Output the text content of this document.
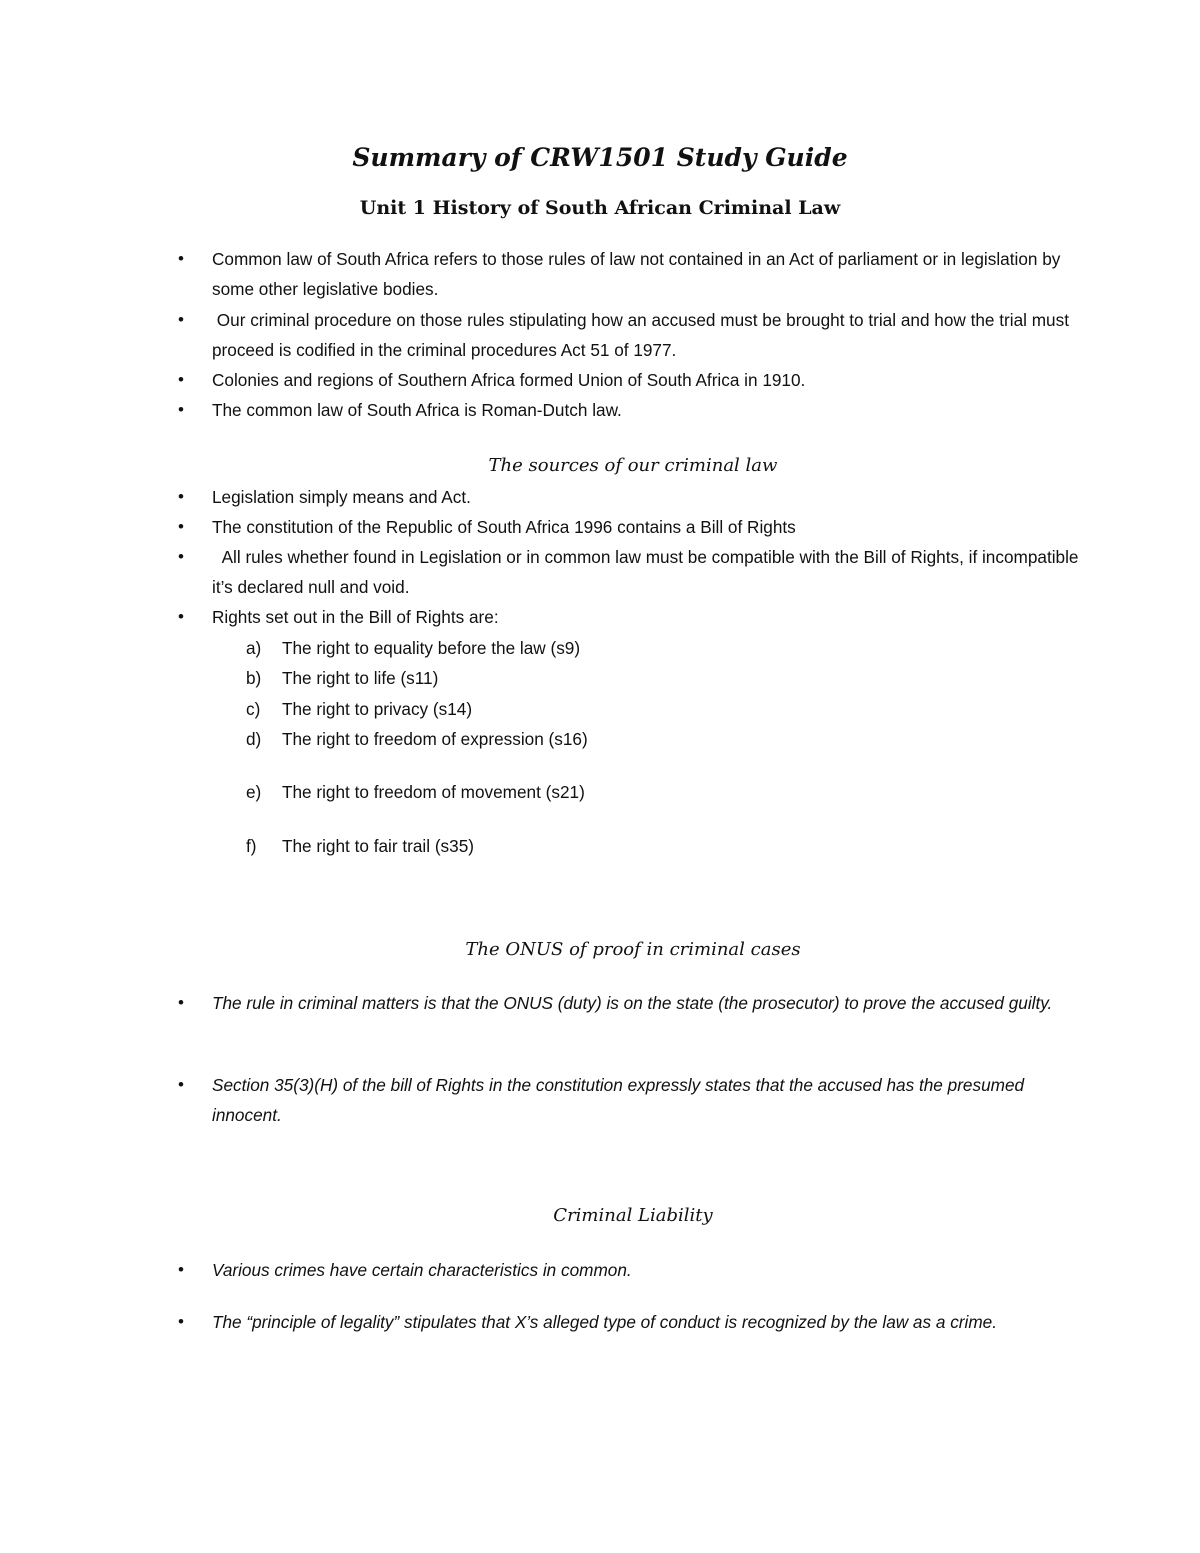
Summary of CRW1501 Study Guide
Unit 1 History of South African Criminal Law
• Common law of South Africa refers to those rules of law not contained in an Act of parliament or in legislation by some other legislative bodies.
• Our criminal procedure on those rules stipulating how an accused must be brought to trial and how the trial must proceed is codified in the criminal procedures Act 51 of 1977.
• Colonies and regions of Southern Africa formed Union of South Africa in 1910.
• The common law of South Africa is Roman-Dutch law.
The sources of our criminal law
• Legislation simply means and Act.
• The constitution of the Republic of South Africa 1996 contains a Bill of Rights
• All rules whether found in Legislation or in common law must be compatible with the Bill of Rights, if incompatible it’s declared null and void.
• Rights set out in the Bill of Rights are:
a)	The right to equality before the law (s9)
b)	The right to life (s11)
c)	The right to privacy (s14)
d)	The right to freedom of expression (s16)
e)	The right to freedom of movement (s21)
f)	The right to fair trail (s35)
The ONUS of proof in criminal cases
• The rule in criminal matters is that the ONUS (duty) is on the state (the prosecutor) to prove the accused guilty.
• Section 35(3)(H) of the bill of Rights in the constitution expressly states that the accused has the presumed innocent.
Criminal Liability
• Various crimes have certain characteristics in common.
• The “principle of legality” stipulates that X’s alleged type of conduct is recognized by the law as a crime.
